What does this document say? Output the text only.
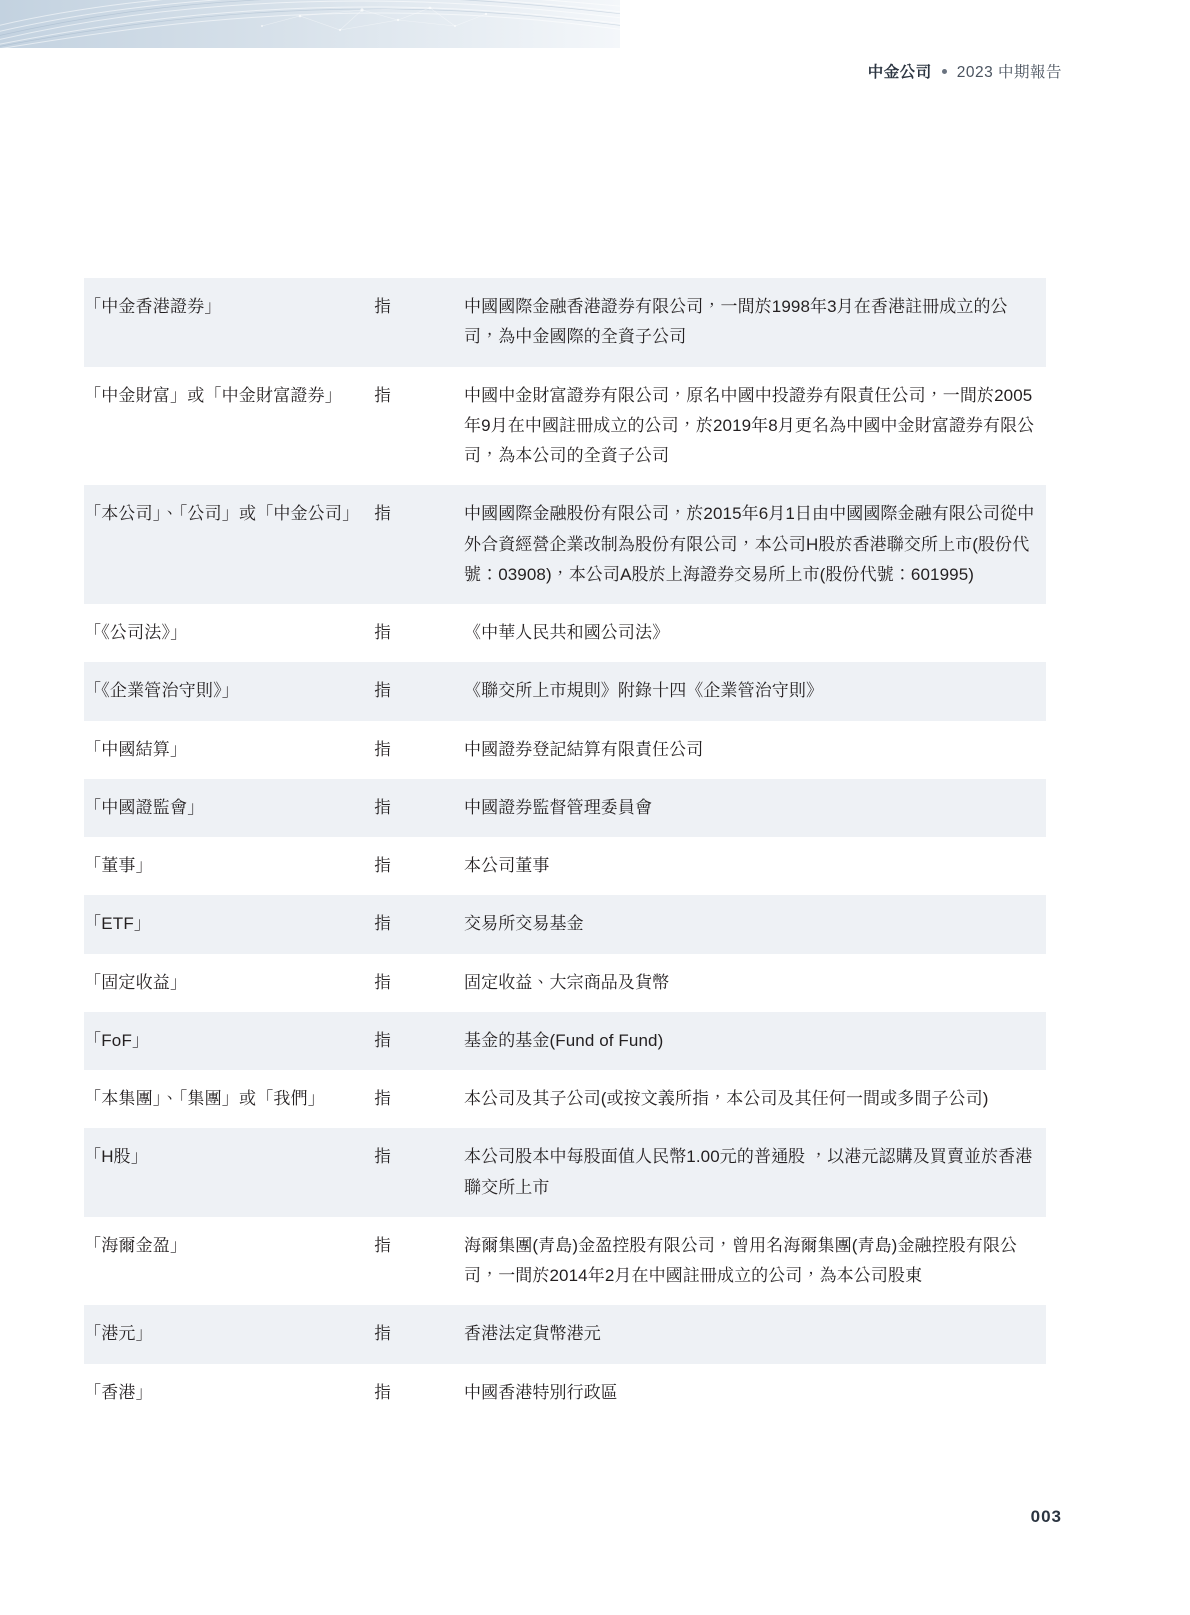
中金公司 2023 中期報告
「中金香港證券」	指	中國國際金融香港證券有限公司，一間於1998年3月在香港註冊成立的公司，為中金國際的全資子公司
「中金財富」或「中金財富證券」	指	中國中金財富證券有限公司，原名中國中投證券有限責任公司，一間於2005年9月在中國註冊成立的公司，於2019年8月更名為中國中金財富證券有限公司，為本公司的全資子公司
「本公司」、「公司」或「中金公司」 指	中國國際金融股份有限公司，於2015年6月1日由中國國際金融有限公司從中外合資經營企業改制為股份有限公司，本公司H股於香港聯交所上市(股份代號：03908)，本公司A股於上海證券交易所上市(股份代號：601995)
「《公司法》」	指	《中華人民共和國公司法》
「《企業管治守則》」	指	《聯交所上市規則》附錄十四《企業管治守則》
「中國結算」	指	中國證券登記結算有限責任公司
「中國證監會」	指	中國證券監督管理委員會
「董事」	指	本公司董事
「ETF」	指	交易所交易基金
「固定收益」	指	固定收益、大宗商品及貨幣
「FoF」	指	基金的基金(Fund of Fund)
「本集團」、「集團」或「我們」	指	本公司及其子公司(或按文義所指，本公司及其任何一間或多間子公司)
「H股」	指	本公司股本中每股面值人民幣1.00元的普通股 ，以港元認購及買賣並於香港聯交所上市
「海爾金盈」	指	海爾集團(青島)金盈控股有限公司，曾用名海爾集團(青島)金融控股有限公司，一間於2014年2月在中國註冊成立的公司，為本公司股東
「港元」	指	香港法定貨幣港元
「香港」	指	中國香港特別行政區
003
